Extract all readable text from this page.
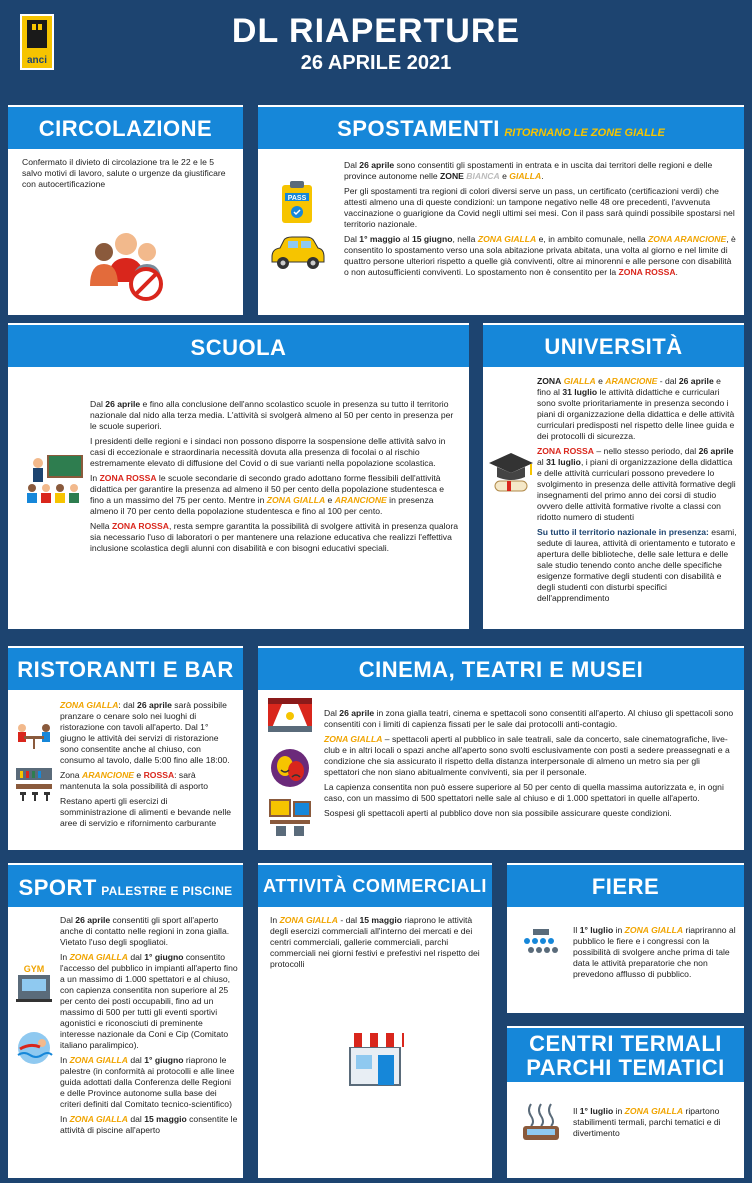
anci
DL RIAPERTURE
26 APRILE 2021
CIRCOLAZIONE
Confermato il divieto di circolazione tra le 22 e le 5 salvo motivi di lavoro, salute o urgenze da giustificare con autocertificazione
SPOSTAMENTI RITORNANO LE ZONE GIALLE
PASS

Dal 26 aprile sono consentiti gli spostamenti in entrata e in uscita dai territori delle regioni e delle province autonome nelle ZONE BIANCA e GIALLA.

Per gli spostamenti tra regioni di colori diversi serve un pass, un certificato (certificazioni verdi) che attesti almeno una di queste condizioni: un tampone negativo nelle 48 ore precedenti, l'avvenuta vaccinazione o guarigione da Covid negli ultimi sei mesi. Con il pass sarà quindi possibile spostarsi nel territorio nazionale.

Dal 1° maggio al 15 giugno, nella ZONA GIALLA e, in ambito comunale, nella ZONA ARANCIONE, è consentito lo spostamento verso una sola abitazione privata abitata, una volta al giorno e nel limite di quattro persone ulteriori rispetto a quelle già conviventi, oltre ai minorenni e alle persone con disabilità o non autosufficienti conviventi. Lo spostamento non è consentito per la ZONA ROSSA.

SCUOLA

Dal 26 aprile e fino alla conclusione dell'anno scolastico scuole in presenza su tutto il territorio nazionale dal nido alla terza media. L'attività si svolgerà almeno al 50 per cento in presenza per le scuole superiori.

I presidenti delle regioni e i sindaci non possono disporre la sospensione delle attività salvo in casi di eccezionale e straordinaria necessità dovuta alla presenza di focolai o al rischio estremamente elevato di diffusione del Covid o di sue varianti nella popolazione scolastica.

In ZONA ROSSA le scuole secondarie di secondo grado adottano forme flessibili dell'attività didattica per garantire la presenza ad almeno il 50 per cento della popolazione studentesca e fino a un massimo del 75 per cento. Mentre in ZONA GIALLA e ARANCIONE in presenza almeno il 70 per cento della popolazione studentesca e fino al 100 per cento.

Nella ZONA ROSSA, resta sempre garantita la possibilità di svolgere attività in presenza qualora sia necessario l'uso di laboratori o per mantenere una relazione educativa che realizzi l'effettiva inclusione scolastica degli alunni con disabilità e con bisogni educativi speciali.

UNIVERSITÀ

ZONA GIALLA e ARANCIONE - dal 26 aprile e fino al 31 luglio le attività didattiche e curriculari sono svolte prioritariamente in presenza secondo i piani di organizzazione della didattica e delle attività curriculari predisposti nel rispetto delle linee guida e dei protocolli di sicurezza.

ZONA ROSSA – nello stesso periodo, dal 26 aprile al 31 luglio, i piani di organizzazione della didattica e delle attività curriculari possono prevedere lo svolgimento in presenza delle attività formative degli insegnamenti del primo anno dei corsi di studio ovvero delle attività formative rivolte a classi con ridotto numero di studenti

Su tutto il territorio nazionale in presenza: esami, sedute di laurea, attività di orientamento e tutorato e apertura delle biblioteche, delle sale lettura e delle sale studio tenendo conto anche delle specifiche esigenze formative degli studenti con disabilità e degli studenti con disturbi specifici dell'apprendimento

RISTORANTI E BAR

ZONA GIALLA: dal 26 aprile sarà possibile pranzare o cenare solo nei luoghi di ristorazione con tavoli all'aperto. Dal 1° giugno le attività dei servizi di ristorazione sono consentite anche al chiuso, con consumo al tavolo, dalle 5:00 fino alle 18:00.

Zona ARANCIONE e ROSSA: sarà mantenuta la sola possibilità di asporto

Restano aperti gli esercizi di somministrazione di alimenti e bevande nelle aree di servizio e rifornimento carburante

CINEMA, TEATRI E MUSEI

Dal 26 aprile in zona gialla teatri, cinema e spettacoli sono consentiti all'aperto. Al chiuso gli spettacoli sono consentiti con i limiti di capienza fissati per le sale dai protocolli anti-contagio.

ZONA GIALLA – spettacoli aperti al pubblico in sale teatrali, sale da concerto, sale cinematografiche, live-club e in altri locali o spazi anche all'aperto sono svolti esclusivamente con posti a sedere preassegnati e a condizione che sia assicurato il rispetto della distanza interpersonale di almeno un metro sia per gli spettatori che non siano abitualmente conviventi, sia per il personale.

La capienza consentita non può essere superiore al 50 per cento di quella massima autorizzata e, in ogni caso, con un massimo di 500 spettatori nelle sale al chiuso e di 1.000 spettatori in quelle all'aperto.

Sospesi gli spettacoli aperti al pubblico dove non sia possibile assicurare queste condizioni.

SPORT PALESTRE E PISCINE
GYM

Dal 26 aprile consentiti gli sport all'aperto anche di contatto nelle regioni in zona gialla. Vietato l'uso degli spogliatoi.

In ZONA GIALLA dal 1° giugno consentito l'accesso del pubblico in impianti all'aperto fino a un massimo di 1.000 spettatori e al chiuso, con capienza consentita non superiore al 25 per cento dei posti occupabili, fino ad un massimo di 500 per tutti gli eventi sportivi agonistici e riconosciuti di preminente interesse nazionale da Coni e Cip (Comitato italiano paralimpico).

In ZONA GIALLA dal 1° giugno riaprono le palestre (in conformità ai protocolli e alle linee guida adottati dalla Conferenza delle Regioni e delle Province autonome sulla base dei criteri definiti dal Comitato tecnico-scientifico)

In ZONA GIALLA dal 15 maggio consentite le attività di piscine all'aperto

ATTIVITÀ COMMERCIALI

In ZONA GIALLA - dal 15 maggio riaprono le attività degli esercizi commerciali all'interno dei mercati e dei centri commerciali, gallerie commerciali, parchi commerciali nei giorni festivi e prefestivi nel rispetto dei protocolli

FIERE

Il 1° luglio in ZONA GIALLA riapriranno al pubblico le fiere e i congressi con la possibilità di svolgere anche prima di tale data le attività preparatorie che non prevedono afflusso di pubblico.

CENTRI TERMALI
PARCHI TEMATICI

Il 1° luglio in ZONA GIALLA ripartono stabilimenti termali, parchi tematici e di divertimento
